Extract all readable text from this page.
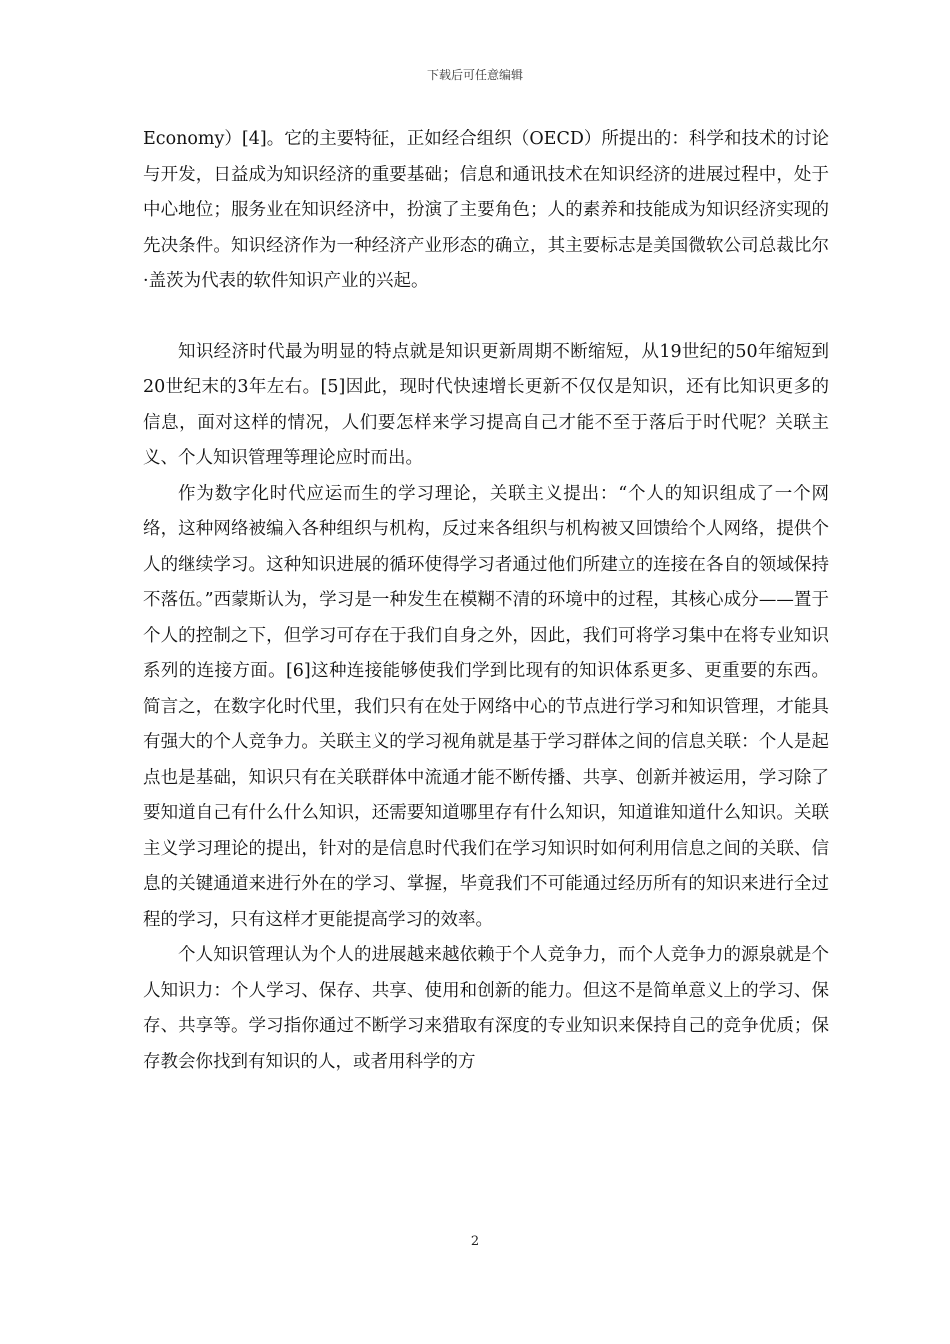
下载后可任意编辑

Economy）[4]。它的主要特征，正如经合组织（OECD）所提出的：科学和技术的讨论与开发，日益成为知识经济的重要基础；信息和通讯技术在知识经济的进展过程中，处于中心地位；服务业在知识经济中，扮演了主要角色；人的素养和技能成为知识经济实现的先决条件。知识经济作为一种经济产业形态的确立，其主要标志是美国微软公司总裁比尔·盖茨为代表的软件知识产业的兴起。

知识经济时代最为明显的特点就是知识更新周期不断缩短，从19世纪的50年缩短到20世纪末的3年左右。[5]因此，现时代快速增长更新不仅仅是知识，还有比知识更多的信息，面对这样的情况，人们要怎样来学习提高自己才能不至于落后于时代呢？关联主义、个人知识管理等理论应时而出。

作为数字化时代应运而生的学习理论，关联主义提出：“个人的知识组成了一个网络，这种网络被编入各种组织与机构，反过来各组织与机构被又回馈给个人网络，提供个人的继续学习。这种知识进展的循环使得学习者通过他们所建立的连接在各自的领域保持不落伍。”西蒙斯认为，学习是一种发生在模糊不清的环境中的过程，其核心成分——置于个人的控制之下，但学习可存在于我们自身之外，因此，我们可将学习集中在将专业知识系列的连接方面。[6]这种连接能够使我们学到比现有的知识体系更多、更重要的东西。简言之，在数字化时代里，我们只有在处于网络中心的节点进行学习和知识管理，才能具有强大的个人竞争力。关联主义的学习视角就是基于学习群体之间的信息关联：个人是起点也是基础，知识只有在关联群体中流通才能不断传播、共享、创新并被运用，学习除了要知道自己有什么什么知识，还需要知道哪里存有什么知识，知道谁知道什么知识。关联主义学习理论的提出，针对的是信息时代我们在学习知识时如何利用信息之间的关联、信息的关键通道来进行外在的学习、掌握，毕竟我们不可能通过经历所有的知识来进行全过程的学习，只有这样才更能提高学习的效率。

个人知识管理认为个人的进展越来越依赖于个人竞争力，而个人竞争力的源泉就是个人知识力：个人学习、保存、共享、使用和创新的能力。但这不是简单意义上的学习、保存、共享等。学习指你通过不断学习来猎取有深度的专业知识来保持自己的竞争优质；保存教会你找到有知识的人，或者用科学的方

2
